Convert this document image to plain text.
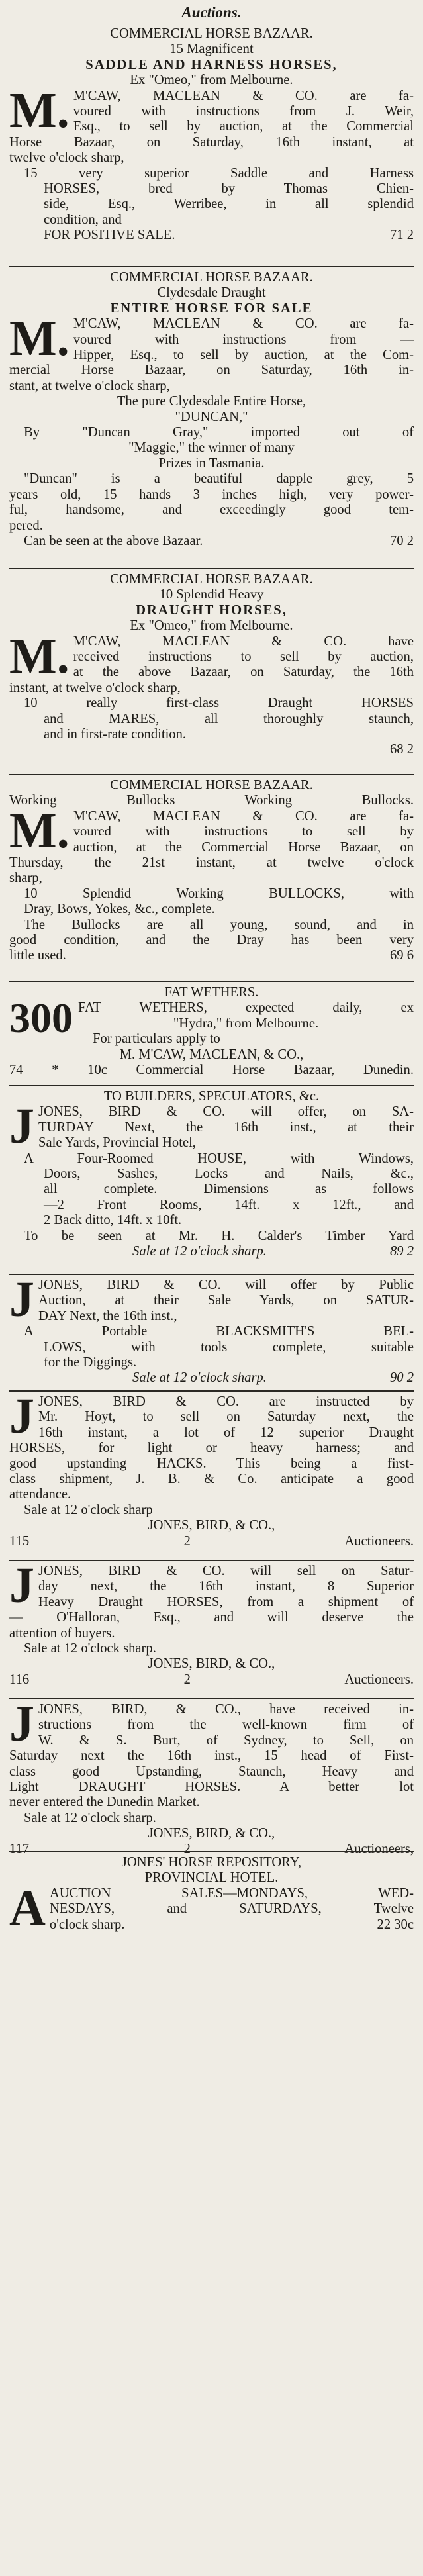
Auctions.
COMMERCIAL HORSE BAZAAR.
15 Magnificent
SADDLE AND HARNESS HORSES,
Ex "Omeo," from Melbourne.
M. M'CAW, MACLEAN & CO. are fa-
voured with instructions from J. Weir,
Esq., to sell by auction, at the Commercial
Horse Bazaar, on Saturday, 16th instant, at
twelve o'clock sharp,
15 very superior Saddle and Harness
HORSES, bred by Thomas Chien-
side, Esq., Werribee, in all splendid
condition, and
71 2
FOR POSITIVE SALE.
COMMERCIAL HORSE BAZAAR.
Clydesdale Draught
ENTIRE HORSE FOR SALE
M. M'CAW, MACLEAN & CO. are fa-
voured with instructions from —
Hipper, Esq., to sell by auction, at the Com-
mercial Horse Bazaar, on Saturday, 16th in-
stant, at twelve o'clock sharp,
The pure Clydesdale Entire Horse,
"DUNCAN,"
By "Duncan Gray," imported out of
"Maggie," the winner of many
Prizes in Tasmania.
"Duncan" is a beautiful dapple grey, 5
years old, 15 hands 3 inches high, very power-
ful, handsome, and exceedingly good tem-
pered.
70 2
Can be seen at the above Bazaar.
COMMERCIAL HORSE BAZAAR.
10 Splendid Heavy
DRAUGHT HORSES,
Ex "Omeo," from Melbourne.
M. M'CAW, MACLEAN & CO. have
received instructions to sell by auction,
at the above Bazaar, on Saturday, the 16th
instant, at twelve o'clock sharp,
10 really first-class Draught HORSES
and MARES, all thoroughly staunch,
and in first-rate condition.
68 2
COMMERCIAL HORSE BAZAAR.
Working Bullocks Working Bullocks.
M. M'CAW, MACLEAN & CO. are fa-
voured with instructions to sell by
auction, at the Commercial Horse Bazaar, on
Thursday, the 21st instant, at twelve o'clock
sharp,
10 Splendid Working BULLOCKS, with
Dray, Bows, Yokes, &c., complete.
The Bullocks are all young, sound, and in
good condition, and the Dray has been very
69 6
little used.
FAT WETHERS.
300 FAT WETHERS, expected daily, ex
"Hydra," from Melbourne.
For particulars apply to
M. M'CAW, MACLEAN, & CO.,
74 * 10c Commercial Horse Bazaar, Dunedin.
TO BUILDERS, SPECULATORS, &c.
J JONES, BIRD & CO. will offer, on SA-
TURDAY Next, the 16th inst., at their
Sale Yards, Provincial Hotel,
A Four-Roomed HOUSE, with Windows,
Doors, Sashes, Locks and Nails, &c.,
all complete. Dimensions as follows
—2 Front Rooms, 14ft. x 12ft., and
2 Back ditto, 14ft. x 10ft.
To be seen at Mr. H. Calder's Timber Yard
89 2
Sale at 12 o'clock sharp.
J JONES, BIRD & CO. will offer by Public
Auction, at their Sale Yards, on SATUR-
DAY Next, the 16th inst.,
A Portable BLACKSMITH'S BEL-
LOWS, with tools complete, suitable
for the Diggings.
90 2
Sale at 12 o'clock sharp.
J JONES, BIRD & CO. are instructed by
Mr. Hoyt, to sell on Saturday next, the
16th instant, a lot of 12 superior Draught
HORSES, for light or heavy harness; and
good upstanding HACKS. This being a first-
class shipment, J. B. & Co. anticipate a good
attendance.
Sale at 12 o'clock sharp
JONES, BIRD, & CO.,
115 2 Auctioneers.
J JONES, BIRD & CO. will sell on Satur-
day next, the 16th instant, 8 Superior
Heavy Draught HORSES, from a shipment of
— O'Halloran, Esq., and will deserve the
attention of buyers.
Sale at 12 o'clock sharp.
JONES, BIRD, & CO.,
116 2 Auctioneers.
J JONES, BIRD, & CO., have received in-
structions from the well-known firm of
W. & S. Burt, of Sydney, to Sell, on
Saturday next the 16th inst., 15 head of First-
class good Upstanding, Staunch, Heavy and
Light DRAUGHT HORSES. A better lot
never entered the Dunedin Market.
Sale at 12 o'clock sharp.
JONES, BIRD, & CO.,
117 2 Auctioneers,
JONES' HORSE REPOSITORY,
PROVINCIAL HOTEL.
A AUCTION SALES—MONDAYS, WED-
NESDAYS, and SATURDAYS, Twelve
22 30c
o'clock sharp.
